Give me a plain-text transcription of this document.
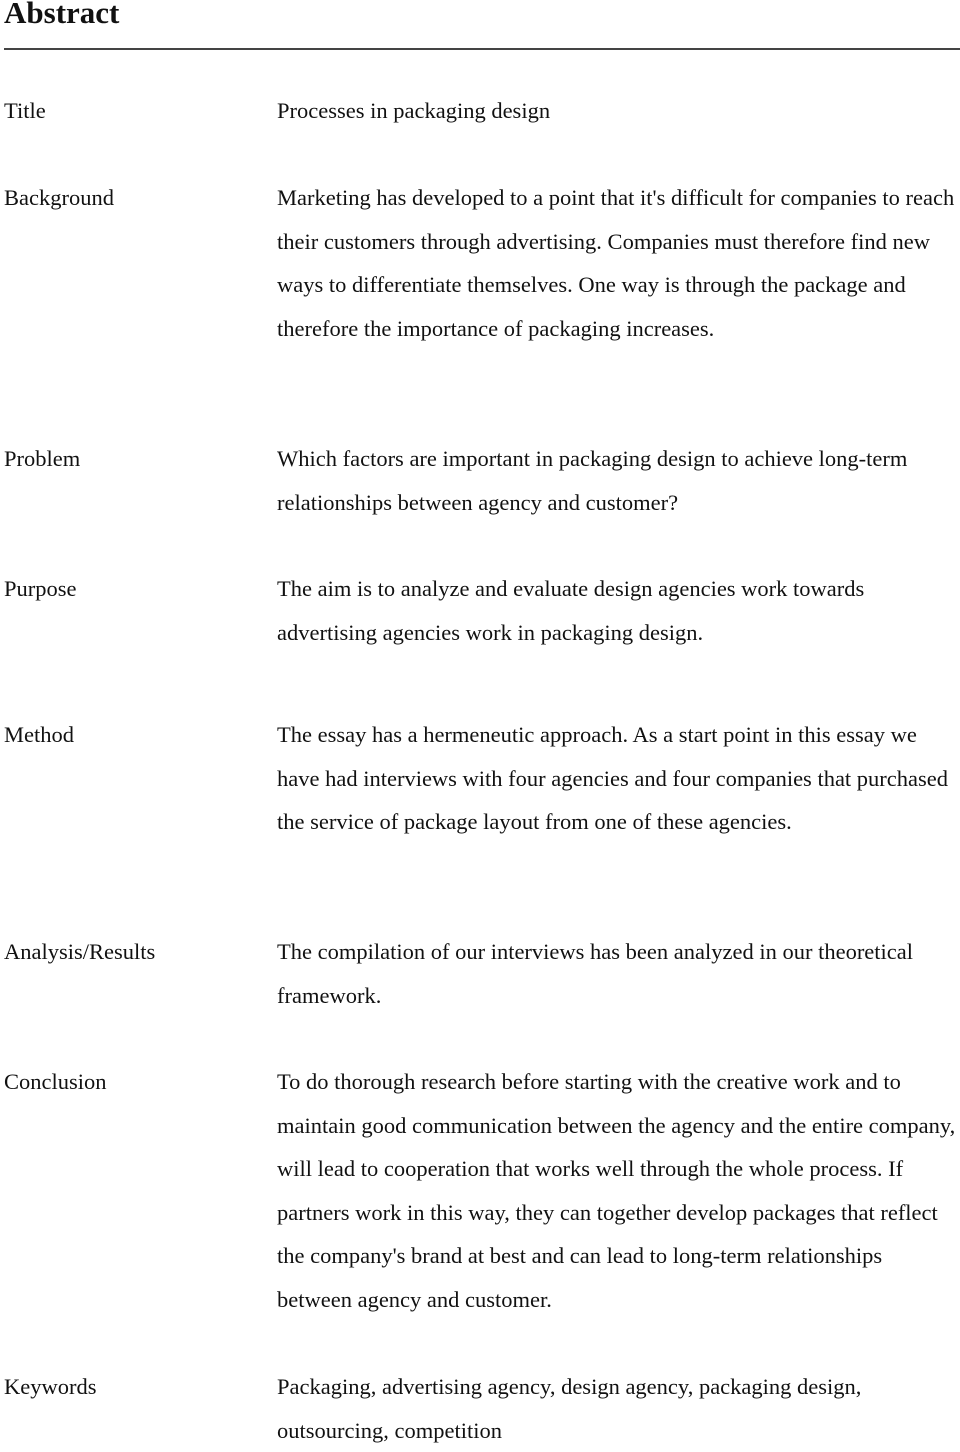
Abstract
Title	Processes in packaging design

Background	Marketing has developed to a point that it's difficult for companies to reach their customers through advertising. Companies must therefore find new ways to differentiate themselves. One way is through the package and therefore the importance of packaging increases.

Problem	Which factors are important in packaging design to achieve long-term relationships between agency and customer?

Purpose	The aim is to analyze and evaluate design agencies work towards advertising agencies work in packaging design.

Method	The essay has a hermeneutic approach. As a start point in this essay we have had interviews with four agencies and four companies that purchased the service of package layout from one of these agencies.

Analysis/Results	The compilation of our interviews has been analyzed in our theoretical framework.

Conclusion	To do thorough research before starting with the creative work and to maintain good communication between the agency and the entire company, will lead to cooperation that works well through the whole process. If partners work in this way, they can together develop packages that reflect the company's brand at best and can lead to long-term relationships between agency and customer.

Keywords	Packaging, advertising agency, design agency, packaging design, outsourcing, competition
